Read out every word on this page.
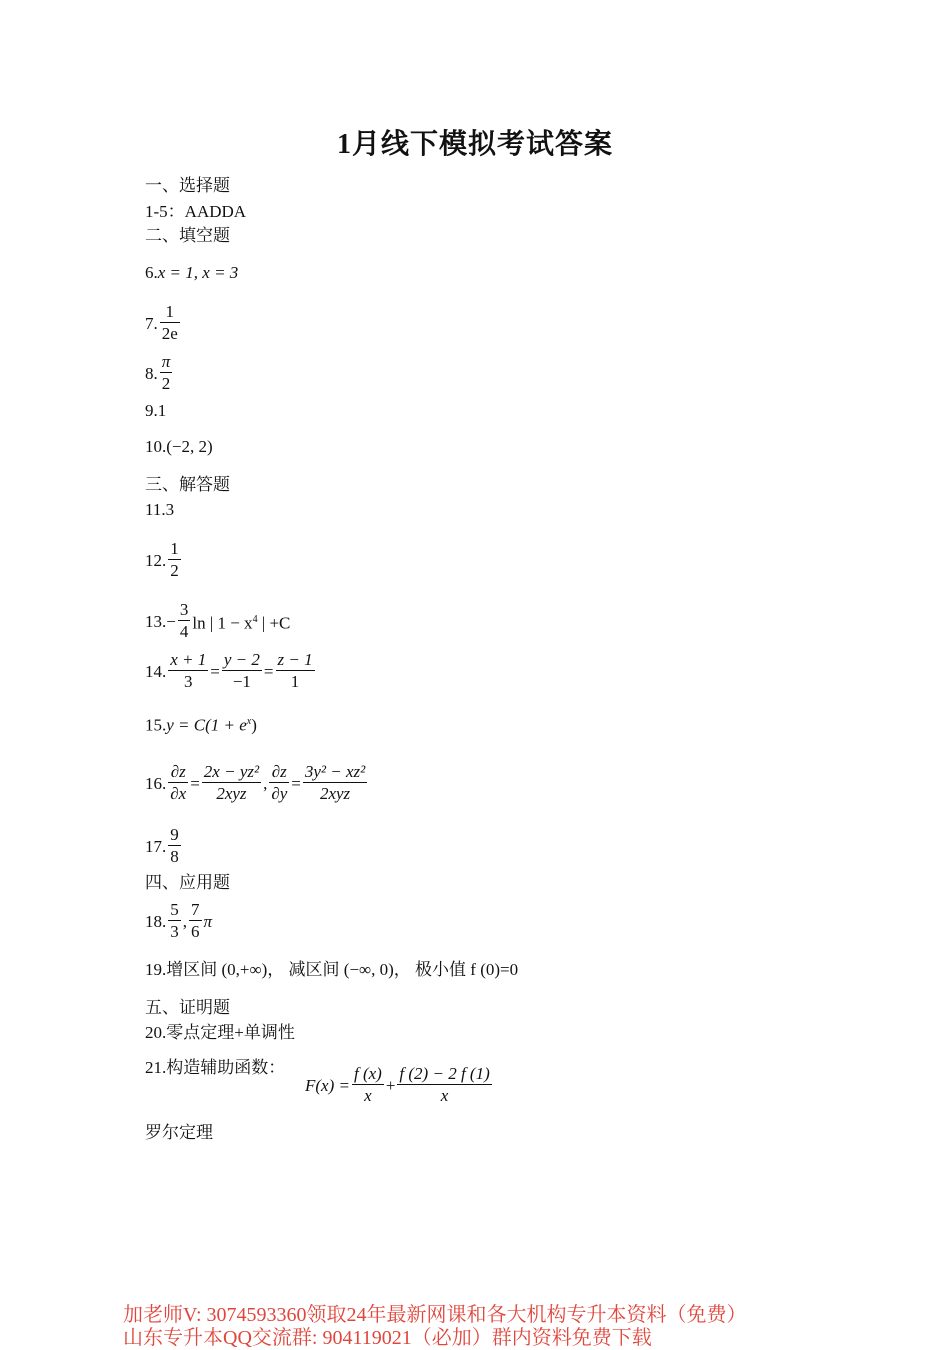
1月线下模拟考试答案
一、选择题
1-5：AADDA
二、填空题
6.x = 1, x = 3
7. $\frac{1}{2e}$
8. $\frac{\pi}{2}$
9.1
10.(−2, 2)
三、解答题
11.3
12. $\frac{1}{2}$
$13.- \frac{3}{4}$ ln | $1 - x^4$ | +C
14. $\frac{x + 1}{3} = \frac{y - 2}{-1} = \frac{z - 1}{1}$
$15.y = C(1 + e^x)$
16. $\frac{\partial z}{\partial x} = \frac{\text{2x − yz²}}{\text{2xyz}}$ , $\frac{\partial z}{\partial y} = \frac{\text{3y² − xz²}}{\text{2xyz}}$
17. $\frac{9}{8}$
四、应用题
18. $\frac{5}{3}$ , $\frac{7}{6}$ π
19.增区间 (0,+∞)， 减区间 (−∞, 0)， 极小值 f (0)=0
五、证明题
20.零点定理+单调性
21.构造辅助函数：
$F(x) = \frac{f (x)}{x} + \frac{f (2) - 2 f (1)}{x}$
罗尔定理
加老师V: 3074593360领取24年最新网课和各大机构专升本资料（免费）
山东专升本QQ交流群: 904119021（必加）群内资料免费下载
